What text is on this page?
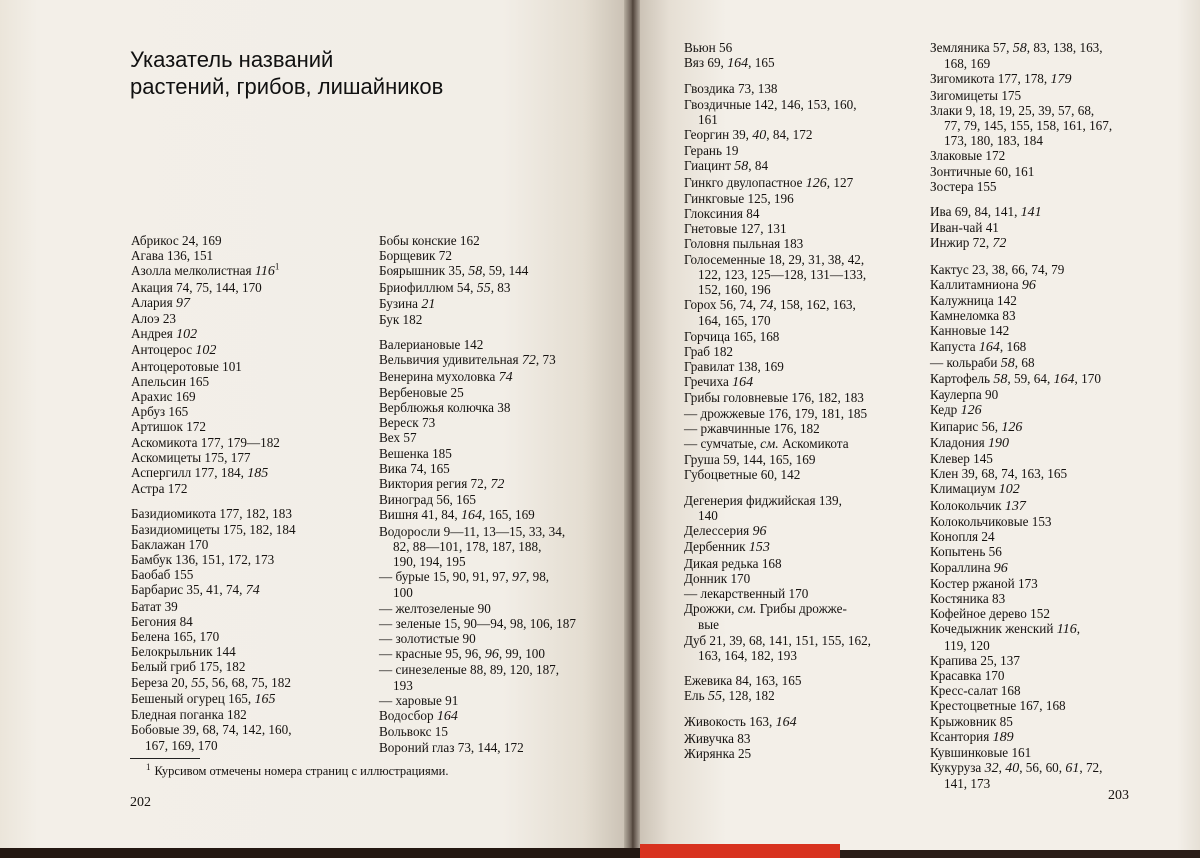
Указатель названий
растений, грибов, лишайников
Абрикос 24, 169
Агава 136, 151
Азолла мелколистная 116$^1$
Акация 74, 75, 144, 170
Алария 97
Алоэ 23
Андрея 102
Антоцерос 102
Антоцеротовые 101
Апельсин 165
Арахис 169
Арбуз 165
Артишок 172
Аскомикота 177, 179—182
Аскомицеты 175, 177
Аспергилл 177, 184, 185
Астра 172
Базидиомикота 177, 182, 183
Базидиомицеты 175, 182, 184
Баклажан 170
Бамбук 136, 151, 172, 173
Баобаб 155
Барбарис 35, 41, 74, 74
Батат 39
Бегония 84
Белена 165, 170
Белокрыльник 144
Белый гриб 175, 182
Береза 20, 55, 56, 68, 75, 182
Бешеный огурец 165, 165
Бледная поганка 182
Бобовые 39, 68, 74, 142, 160,
167, 169, 170
Бобы конские 162
Борщевик 72
Боярышник 35, 58, 59, 144
Бриофиллюм 54, 55, 83
Бузина 21
Бук 182
Валериановые 142
Вельвичия удивительная 72, 73
Венерина мухоловка 74
Вербеновые 25
Верблюжья колючка 38
Вереск 73
Вех 57
Вешенка 185
Вика 74, 165
Виктория регия 72, 72
Виноград 56, 165
Вишня 41, 84, 164, 165, 169
Водоросли 9—11, 13—15, 33, 34,
82, 88—101, 178, 187, 188,
190, 194, 195
— бурые 15, 90, 91, 97, 97, 98,
100
— желтозеленые 90
— зеленые 15, 90—94, 98, 106, 187
— золотистые 90
— красные 95, 96, 96, 99, 100
— синезеленые 88, 89, 120, 187,
193
— харовые 91
Водосбор 164
Вольвокс 15
Вороний глаз 73, 144, 172
$^1$ Курсивом отмечены номера страниц с иллюстрациями.
202
Вьюн 56
Вяз 69, 164, 165
Гвоздика 73, 138
Гвоздичные 142, 146, 153, 160,
161
Георгин 39, 40, 84, 172
Герань 19
Гиацинт 58, 84
Гинкго двулопастное 126, 127
Гинкговые 125, 196
Глоксиния 84
Гнетовые 127, 131
Головня пыльная 183
Голосеменные 18, 29, 31, 38, 42,
122, 123, 125—128, 131—133,
152, 160, 196
Горох 56, 74, 74, 158, 162, 163,
164, 165, 170
Горчица 165, 168
Граб 182
Гравилат 138, 169
Гречиха 164
Грибы головневые 176, 182, 183
— дрожжевые 176, 179, 181, 185
— ржавчинные 176, 182
— сумчатые, см. Аскомикота
Груша 59, 144, 165, 169
Губоцветные 60, 142
Дегенерия фиджийская 139,
140
Делессерия 96
Дербенник 153
Дикая редька 168
Донник 170
— лекарственный 170
Дрожжи, см. Грибы дрожже-
вые
Дуб 21, 39, 68, 141, 151, 155, 162,
163, 164, 182, 193
Ежевика 84, 163, 165
Ель 55, 128, 182
Живокость 163, 164
Живучка 83
Жирянка 25
Земляника 57, 58, 83, 138, 163,
168, 169
Зигомикота 177, 178, 179
Зигомицеты 175
Злаки 9, 18, 19, 25, 39, 57, 68,
77, 79, 145, 155, 158, 161, 167,
173, 180, 183, 184
Злаковые 172
Зонтичные 60, 161
Зостера 155
Ива 69, 84, 141, 141
Иван-чай 41
Инжир 72, 72
Кактус 23, 38, 66, 74, 79
Каллитамниона 96
Калужница 142
Камнеломка 83
Канновые 142
Капуста 164, 168
— кольраби 58, 68
Картофель 58, 59, 64, 164, 170
Каулерпа 90
Кедр 126
Кипарис 56, 126
Кладония 190
Клевер 145
Клен 39, 68, 74, 163, 165
Климациум 102
Колокольчик 137
Колокольчиковые 153
Конопля 24
Копытень 56
Кораллина 96
Костер ржаной 173
Костяника 83
Кофейное дерево 152
Кочедыжник женский 116,
119, 120
Крапива 25, 137
Красавка 170
Кресс-салат 168
Крестоцветные 167, 168
Крыжовник 85
Ксантория 189
Кувшинковые 161
Кукуруза 32, 40, 56, 60, 61, 72,
141, 173
203
